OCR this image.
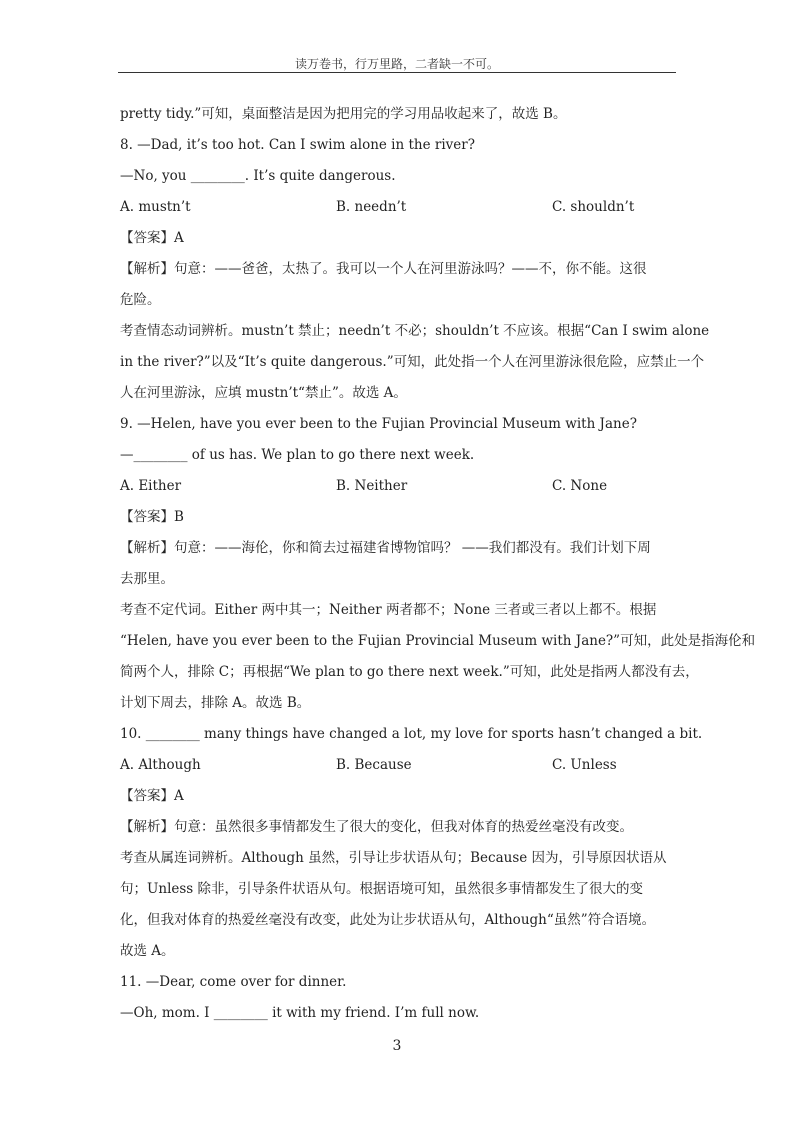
读万卷书，行万里路，二者缺一不可。
pretty tidy.”可知，桌面整洁是因为把用完的学习用品收起来了，故选 B。
8. —Dad, it’s too hot. Can I swim alone in the river?
—No, you ________. It’s quite dangerous.
A. mustn’t	B. needn’t	C. shouldn’t
【答案】A
【解析】句意：——爸爸，太热了。我可以一个人在河里游泳吗？——不，你不能。这很
危险。
考查情态动词辨析。mustn’t 禁止；needn’t 不必；shouldn’t 不应该。根据“Can I swim alone
in the river?”以及“It’s quite dangerous.”可知，此处指一个人在河里游泳很危险，应禁止一个
人在河里游泳，应填 mustn’t“禁止”。故选 A。
9. —Helen, have you ever been to the Fujian Provincial Museum with Jane?
—________ of us has. We plan to go there next week.
A. Either	B. Neither	C. None
【答案】B
【解析】句意：——海伦，你和简去过福建省博物馆吗？ ——我们都没有。我们计划下周
去那里。
考查不定代词。Either 两中其一；Neither 两者都不；None 三者或三者以上都不。根据
“Helen, have you ever been to the Fujian Provincial Museum with Jane?”可知，此处是指海伦和
简两个人，排除 C；再根据“We plan to go there next week.”可知，此处是指两人都没有去，
计划下周去，排除 A。故选 B。
10. ________ many things have changed a lot, my love for sports hasn’t changed a bit.
A. Although	B. Because	C. Unless
【答案】A
【解析】句意：虽然很多事情都发生了很大的变化，但我对体育的热爱丝毫没有改变。
考查从属连词辨析。Although 虽然，引导让步状语从句；Because 因为，引导原因状语从
句；Unless 除非，引导条件状语从句。根据语境可知，虽然很多事情都发生了很大的变
化，但我对体育的热爱丝毫没有改变，此处为让步状语从句，Although“虽然”符合语境。
故选 A。
11. —Dear, come over for dinner.
—Oh, mom. I ________ it with my friend. I’m full now.
3
